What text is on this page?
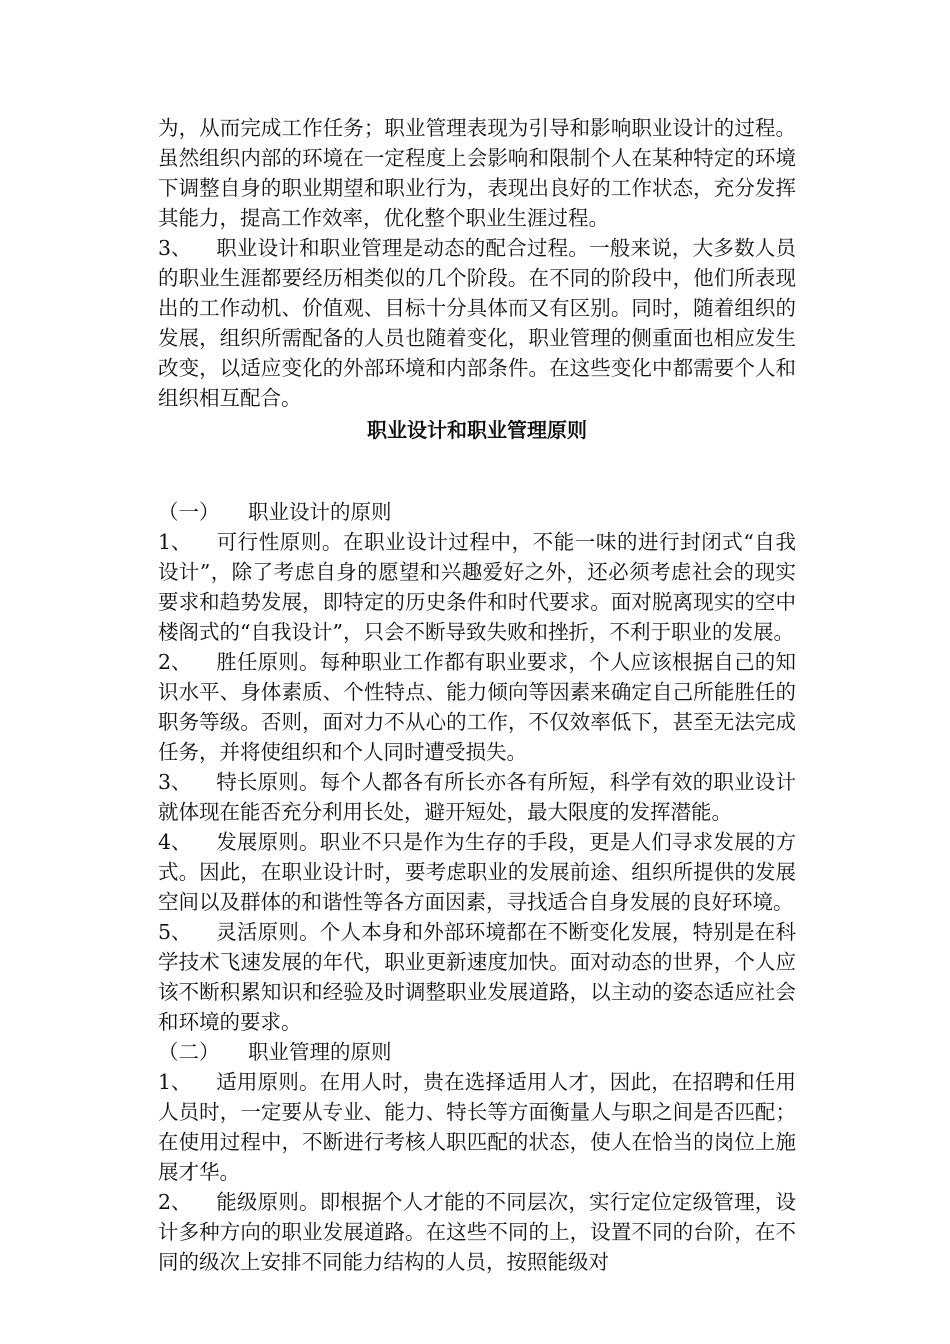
为，从而完成工作任务；职业管理表现为引导和影响职业设计的过程。虽然组织内部的环境在一定程度上会影响和限制个人在某种特定的环境下调整自身的职业期望和职业行为，表现出良好的工作状态，充分发挥其能力，提高工作效率，优化整个职业生涯过程。

3、 职业设计和职业管理是动态的配合过程。一般来说，大多数人员的职业生涯都要经历相类似的几个阶段。在不同的阶段中，他们所表现出的工作动机、价值观、目标十分具体而又有区别。同时，随着组织的发展，组织所需配备的人员也随着变化，职业管理的侧重面也相应发生改变，以适应变化的外部环境和内部条件。在这些变化中都需要个人和组织相互配合。

职业设计和职业管理原则

（一） 职业设计的原则

1、 可行性原则。在职业设计过程中，不能一味的进行封闭式“自我设计”，除了考虑自身的愿望和兴趣爱好之外，还必须考虑社会的现实要求和趋势发展，即特定的历史条件和时代要求。面对脱离现实的空中楼阁式的“自我设计”，只会不断导致失败和挫折，不利于职业的发展。

2、 胜任原则。每种职业工作都有职业要求，个人应该根据自己的知识水平、身体素质、个性特点、能力倾向等因素来确定自己所能胜任的职务等级。否则，面对力不从心的工作，不仅效率低下，甚至无法完成任务，并将使组织和个人同时遭受损失。

3、 特长原则。每个人都各有所长亦各有所短，科学有效的职业设计就体现在能否充分利用长处，避开短处，最大限度的发挥潜能。

4、 发展原则。职业不只是作为生存的手段，更是人们寻求发展的方式。因此，在职业设计时，要考虑职业的发展前途、组织所提供的发展空间以及群体的和谐性等各方面因素，寻找适合自身发展的良好环境。

5、 灵活原则。个人本身和外部环境都在不断变化发展，特别是在科学技术飞速发展的年代，职业更新速度加快。面对动态的世界，个人应该不断积累知识和经验及时调整职业发展道路，以主动的姿态适应社会和环境的要求。

（二） 职业管理的原则

1、 适用原则。在用人时，贵在选择适用人才，因此，在招聘和任用人员时，一定要从专业、能力、特长等方面衡量人与职之间是否匹配；在使用过程中，不断进行考核人职匹配的状态，使人在恰当的岗位上施展才华。

2、 能级原则。即根据个人才能的不同层次，实行定位定级管理，设计多种方向的职业发展道路。在这些不同的上，设置不同的台阶，在不同的级次上安排不同能力结构的人员，按照能级对
